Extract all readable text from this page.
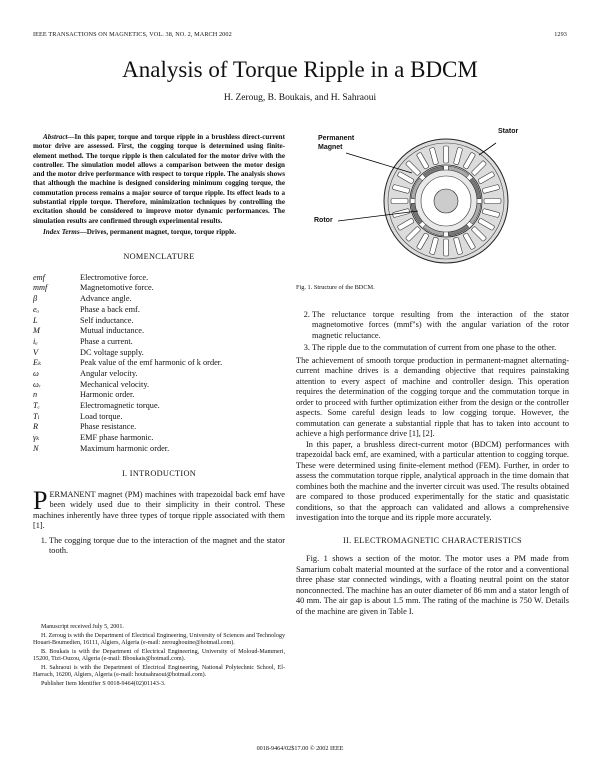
IEEE TRANSACTIONS ON MAGNETICS, VOL. 38, NO. 2, MARCH 2002	1293
Analysis of Torque Ripple in a BDCM
H. Zeroug, B. Boukais, and H. Sahraoui

Abstract—In this paper, torque and torque ripple in a brushless direct-current motor drive are assessed. First, the cogging torque is determined using finite-element method. The torque ripple is then calculated for the motor drive with the controller. The simulation model allows a comparison between the motor design and the motor drive performance with respect to torque ripple. The analysis shows that although the machine is designed considering minimum cogging torque, the commutation process remains a major source of torque ripple. Its effect leads to a substantial ripple torque. Therefore, minimization techniques by controlling the excitation should be considered to improve motor dynamic performances. The simulation results are confirmed through experimental results.

Index Terms—Drives, permanent magnet, torque, torque ripple.

NOMENCLATURE
emf	Electromotive force.
mmf	Magnetomotive force.
β	Advance angle.
eₐ	Phase a back emf.
L	Self inductance.
M	Mutual inductance.
iₐ	Phase a current.
V	DC voltage supply.
Eₖ	Peak value of the emf harmonic of k order.
ω	Angular velocity.
ωᵣ	Mechanical velocity.
n	Harmonic order.
Tₑ	Electromagnetic torque.
Tₗ	Load torque.
R	Phase resistance.
γₖ	EMF phase harmonic.
N	Maximum harmonic order.
I. INTRODUCTION

PERMANENT magnet (PM) machines with trapezoidal back emf have been widely used due to their simplicity in their control. These machines inherently have three types of torque ripple associated with them [1].

1. The cogging torque due to the interaction of the magnet and the stator tooth.

Manuscript received July 5, 2001.

H. Zeroug is with the Department of Electrical Engineering, University of Sciences and Technology Houari-Boumedien, 16111, Algiers, Algeria (e-mail: zeroughouine@hotmail.com).

B. Boukais is with the Department of Electrical Engineering, University of Moloud-Mammeri, 15200, Tizi-Ouzou, Algeria (e-mail: Bboukais@hotmail.com).

H. Sahraoui is with the Department of Electrical Engineering, National Polytechnic School, El-Harrach, 16200, Algiers, Algeria (e-mail: houtsahraoui@hotmail.com).

Publisher Item Identifier S 0018-9464(02)01143-3.

Permanent
Magnet
Stator
Rotor
Fig. 1. Structure of the BDCM.
2. The reluctance torque resulting from the interaction of the stator magnetomotive forces (mmf"s) with the angular variation of the rotor magnetic reluctance.
3. The ripple due to the commutation of current from one phase to the other.

The achievement of smooth torque production in permanent-magnet alternating-current machine drives is a demanding objective that requires painstaking attention to every aspect of machine and controller design. This operation requires the determination of the cogging torque and the commutation torque in order to proceed with further optimization either from the design or the controller aspects. Some careful design leads to low cogging torque. However, the commutation can generate a substantial ripple that has to taken into account to achieve a high performance drive [1], [2].

In this paper, a brushless direct-current motor (BDCM) performances with trapezoidal back emf, are examined, with a particular attention to cogging torque. These were determined using finite-element method (FEM). Further, in order to assess the commutation torque ripple, analytical approach in the time domain that combines both the machine and the inverter circuit was used. The results obtained are compared to those produced experimentally for the static and quasistatic conditions, so that the approach can validated and allows a comprehensive investigation into the torque and its ripple more accurately.

II. ELECTROMAGNETIC CHARACTERISTICS

Fig. 1 shows a section of the motor. The motor uses a PM made from Samarium cobalt material mounted at the surface of the rotor and a conventional three phase star connected windings, with a floating neutral point on the stator nonconnected. The machine has an outer diameter of 86 mm and a stator length of 40 mm. The air gap is about 1.5 mm. The rating of the machine is 750 W. Details of the machine are given in Table I.

0018-9464/02$17.00 © 2002 IEEE
